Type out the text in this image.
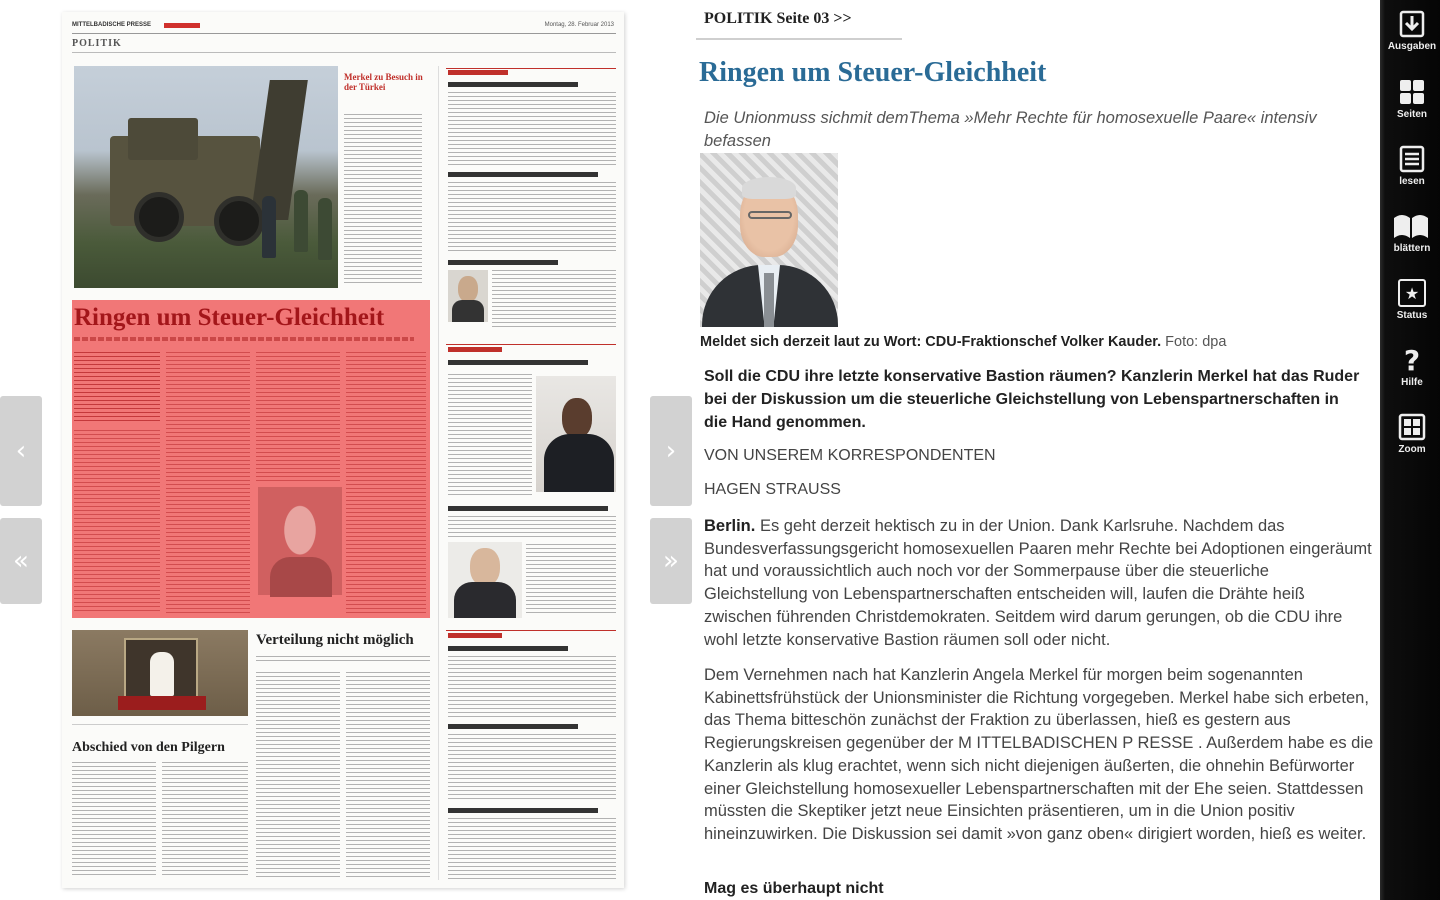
MITTELBADISCHE PRESSE	Montag, 28. Februar 2013
POLITIK
Merkel zu Besuch in der Türkei
Ringen um Steuer-Gleichheit
Abschied von den Pilgern
Verteilung nicht möglich
‹
«
›
»
POLITIK Seite 03 >>
Ringen um Steuer-Gleichheit
Die Unionmuss sichmit demThema »Mehr Rechte für homosexuelle Paare« intensiv befassen
Meldet sich derzeit laut zu Wort: CDU-Fraktionschef Volker Kauder. Foto: dpa
Soll die CDU ihre letzte konservative Bastion räumen? Kanzlerin Merkel hat das Ruder bei der Diskussion um die steuerliche Gleichstellung von Lebenspartnerschaften in die Hand genommen.
VON UNSEREM KORRESPONDENTEN
HAGEN STRAUSS

Berlin. Es geht derzeit hektisch zu in der Union. Dank Karlsruhe. Nachdem das Bundesverfassungsgericht homosexuellen Paaren mehr Rechte bei Adoptionen eingeräumt hat und voraussichtlich auch noch vor der Sommerpause über die steuerliche Gleichstellung von Lebenspartnerschaften entscheiden will, laufen die Drähte heiß zwischen führenden Christdemokraten. Seitdem wird darum gerungen, ob die CDU ihre wohl letzte konservative Bastion räumen soll oder nicht.

Dem Vernehmen nach hat Kanzlerin Angela Merkel für morgen beim sogenannten Kabinettsfrühstück der Unionsminister die Richtung vorgegeben. Merkel habe sich erbeten, das Thema bitteschön zunächst der Fraktion zu überlassen, hieß es gestern aus Regierungskreisen gegenüber der M ITTELBADISCHEN P RESSE . Außerdem habe es die Kanzlerin als klug erachtet, wenn sich nicht diejenigen äußerten, die ohnehin Befürworter einer Gleichstellung homosexueller Lebenspartnerschaften mit der Ehe seien. Stattdessen müssten die Skeptiker jetzt neue Einsichten präsentieren, um in die Union positiv hineinzuwirken. Die Diskussion sei damit »von ganz oben« dirigiert worden, hieß es weiter.

Mag es überhaupt nicht
Ausgaben
Seiten
lesen
blättern
★
Status
?
Hilfe
Zoom
